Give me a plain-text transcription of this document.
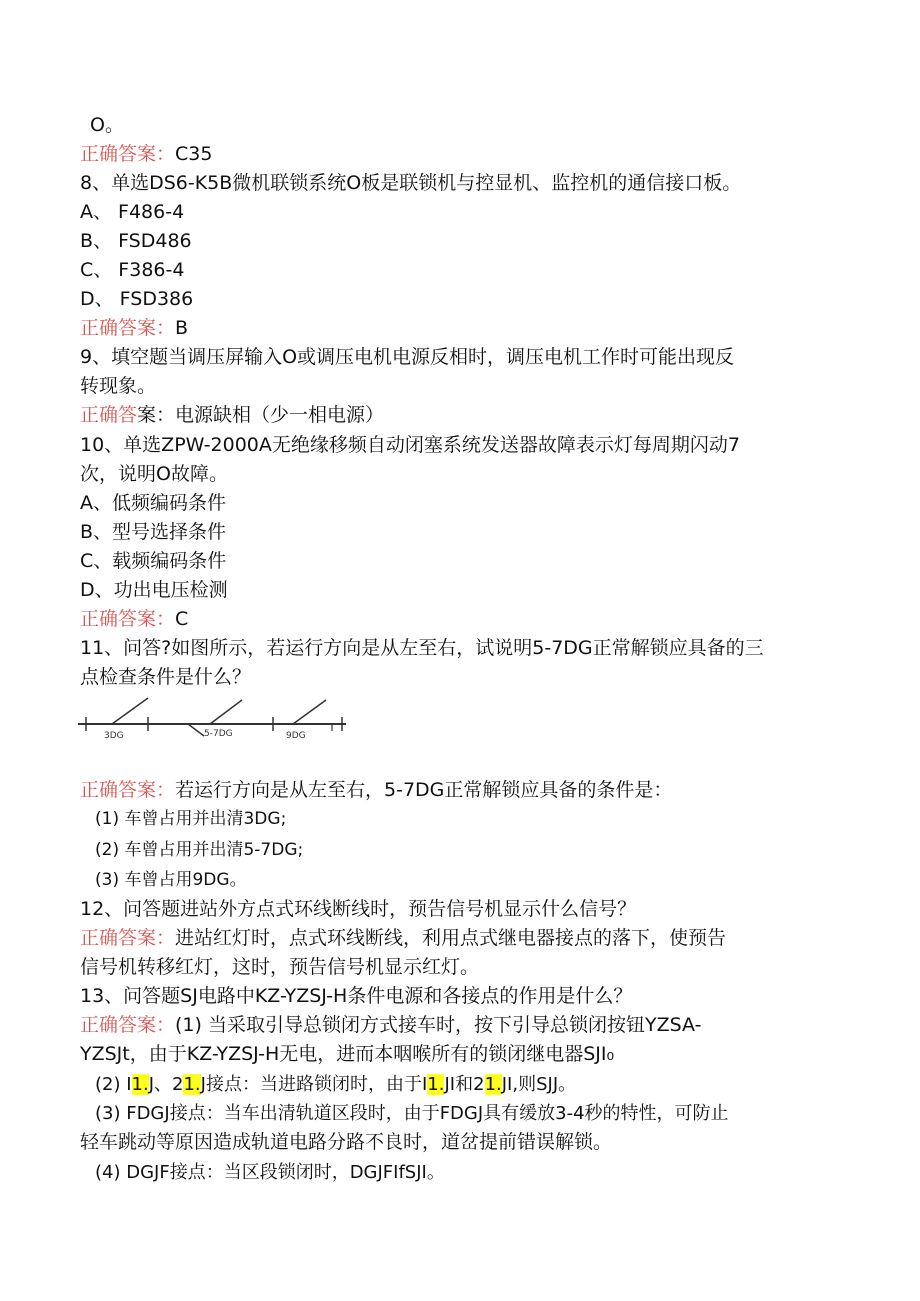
O。
正确答案：C35
8、单选DS6-K5B微机联锁系统O板是联锁机与控显机、监控机的通信接口板。
A、 F486-4
B、 FSD486
C、 F386-4
D、 FSD386
正确答案：B
9、填空题当调压屏输入O或调压电机电源反相时，调压电机工作时可能出现反
转现象。
正确答案：电源缺相（少一相电源）
10、单选ZPW-2000A无绝缘移频自动闭塞系统发送器故障表示灯每周期闪动7
次，说明O故障。
A、低频编码条件
B、型号选择条件
C、载频编码条件
D、功出电压检测
正确答案：C
11、问答?如图所示，若运行方向是从左至右，试说明5-7DG正常解锁应具备的三
点检查条件是什么？
3DG	5-7DG	9DG
正确答案：若运行方向是从左至右，5-7DG正常解锁应具备的条件是：
(1) 车曾占用并出清3DG;
(2) 车曾占用并出清5-7DG;
(3) 车曾占用9DG。
12、问答题进站外方点式环线断线时，预告信号机显示什么信号？
正确答案：进站红灯时，点式环线断线，利用点式继电器接点的落下，使预告
信号机转移红灯，这时，预告信号机显示红灯。
13、问答题SJ电路中KZ-YZSJ-H条件电源和各接点的作用是什么？
正确答案：(1) 当采取引导总锁闭方式接车时，按下引导总锁闭按钮YZSA-
YZSJt，由于KZ-YZSJ-H无电，进而本咽喉所有的锁闭继电器SJI₀
(2) I1.J、21.J接点：当进路锁闭时，由于I1.JI和21.JI,则SJJ。
(3) FDGJ接点：当车出清轨道区段时，由于FDGJ具有缓放3-4秒的特性，可防止
轻车跳动等原因造成轨道电路分路不良时，道岔提前错误解锁。
(4) DGJF接点：当区段锁闭时，DGJFIfSJI。
